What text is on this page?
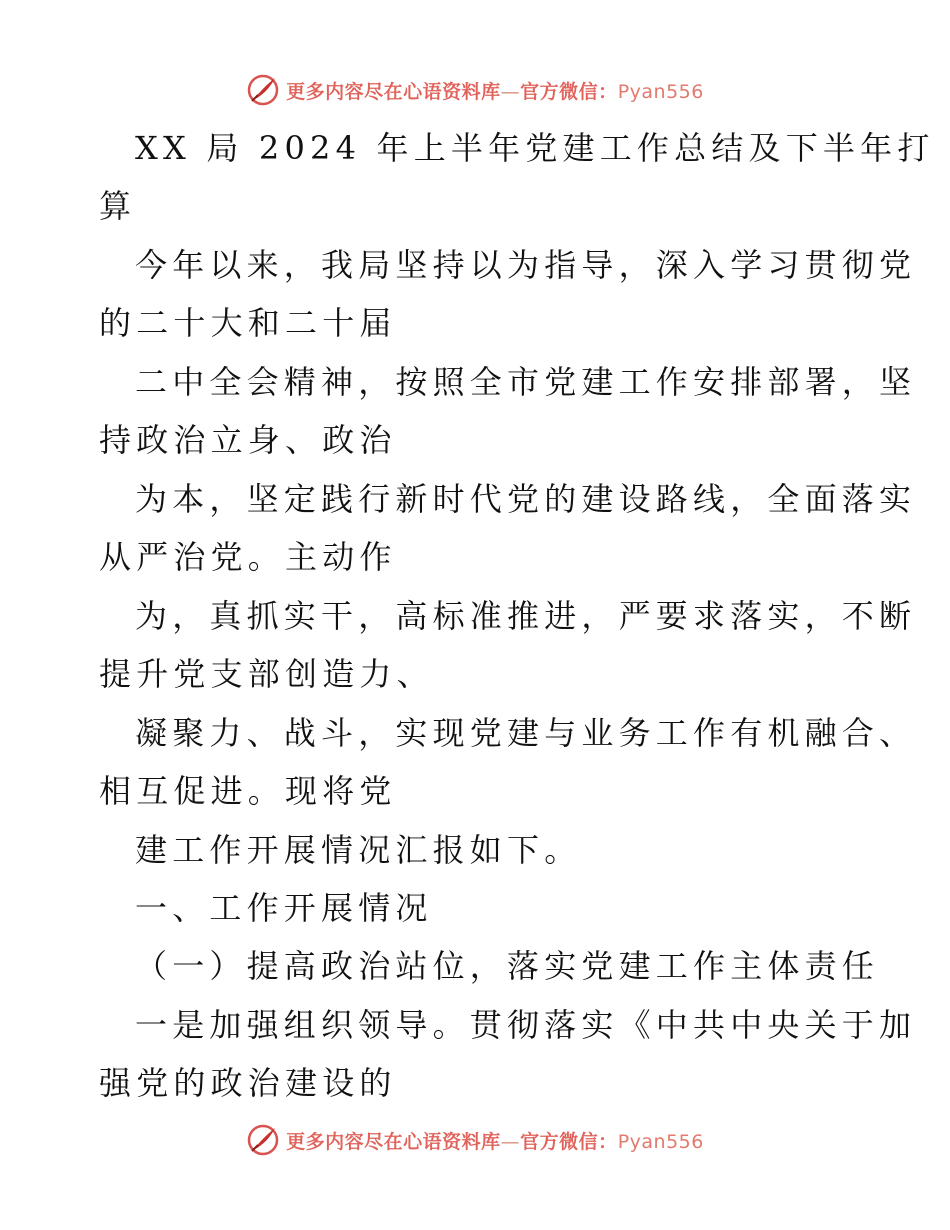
更多内容尽在心语资料库—官方微信：Pyan556
XX 局 2024 年上半年党建工作总结及下半年打
算
今年以来，我局坚持以为指导，深入学习贯彻党
的二十大和二十届
二中全会精神，按照全市党建工作安排部署，坚
持政治立身、政治
为本，坚定践行新时代党的建设路线，全面落实
从严治党。主动作
为，真抓实干，高标准推进，严要求落实，不断
提升党支部创造力、
凝聚力、战斗，实现党建与业务工作有机融合、
相互促进。现将党
建工作开展情况汇报如下。
一、工作开展情况
（一）提高政治站位，落实党建工作主体责任
一是加强组织领导。贯彻落实《中共中央关于加
强党的政治建设的
更多内容尽在心语资料库—官方微信：Pyan556
